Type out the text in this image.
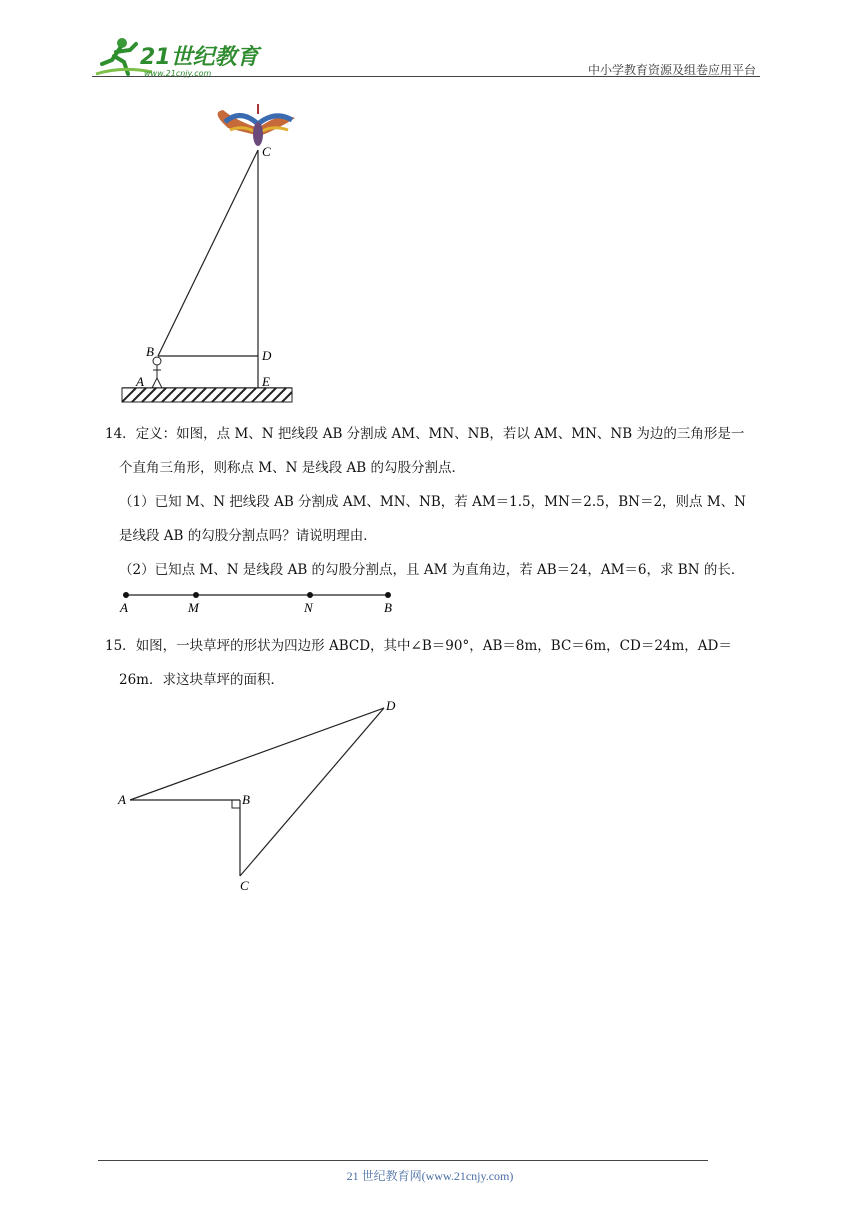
21世纪教育
www.21cnjy.com	中小学教育资源及组卷应用平台
C
B	D
A	E
14．定义：如图，点 M、N 把线段 AB 分割成 AM、MN、NB，若以 AM、MN、NB 为边的三角形是一
个直角三角形，则称点 M、N 是线段 AB 的勾股分割点．
（1）已知 M、N 把线段 AB 分割成 AM、MN、NB，若 AM＝1.5，MN＝2.5，BN＝2，则点 M、N
是线段 AB 的勾股分割点吗？请说明理由．
（2）已知点 M、N 是线段 AB 的勾股分割点，且 AM 为直角边，若 AB＝24，AM＝6，求 BN 的长．
A	M	N	B
15．如图，一块草坪的形状为四边形 ABCD，其中∠B＝90°，AB＝8m，BC＝6m，CD＝24m，AD＝
26m．求这块草坪的面积．
A	B
C
D
21 世纪教育网(www.21cnjy.com)
